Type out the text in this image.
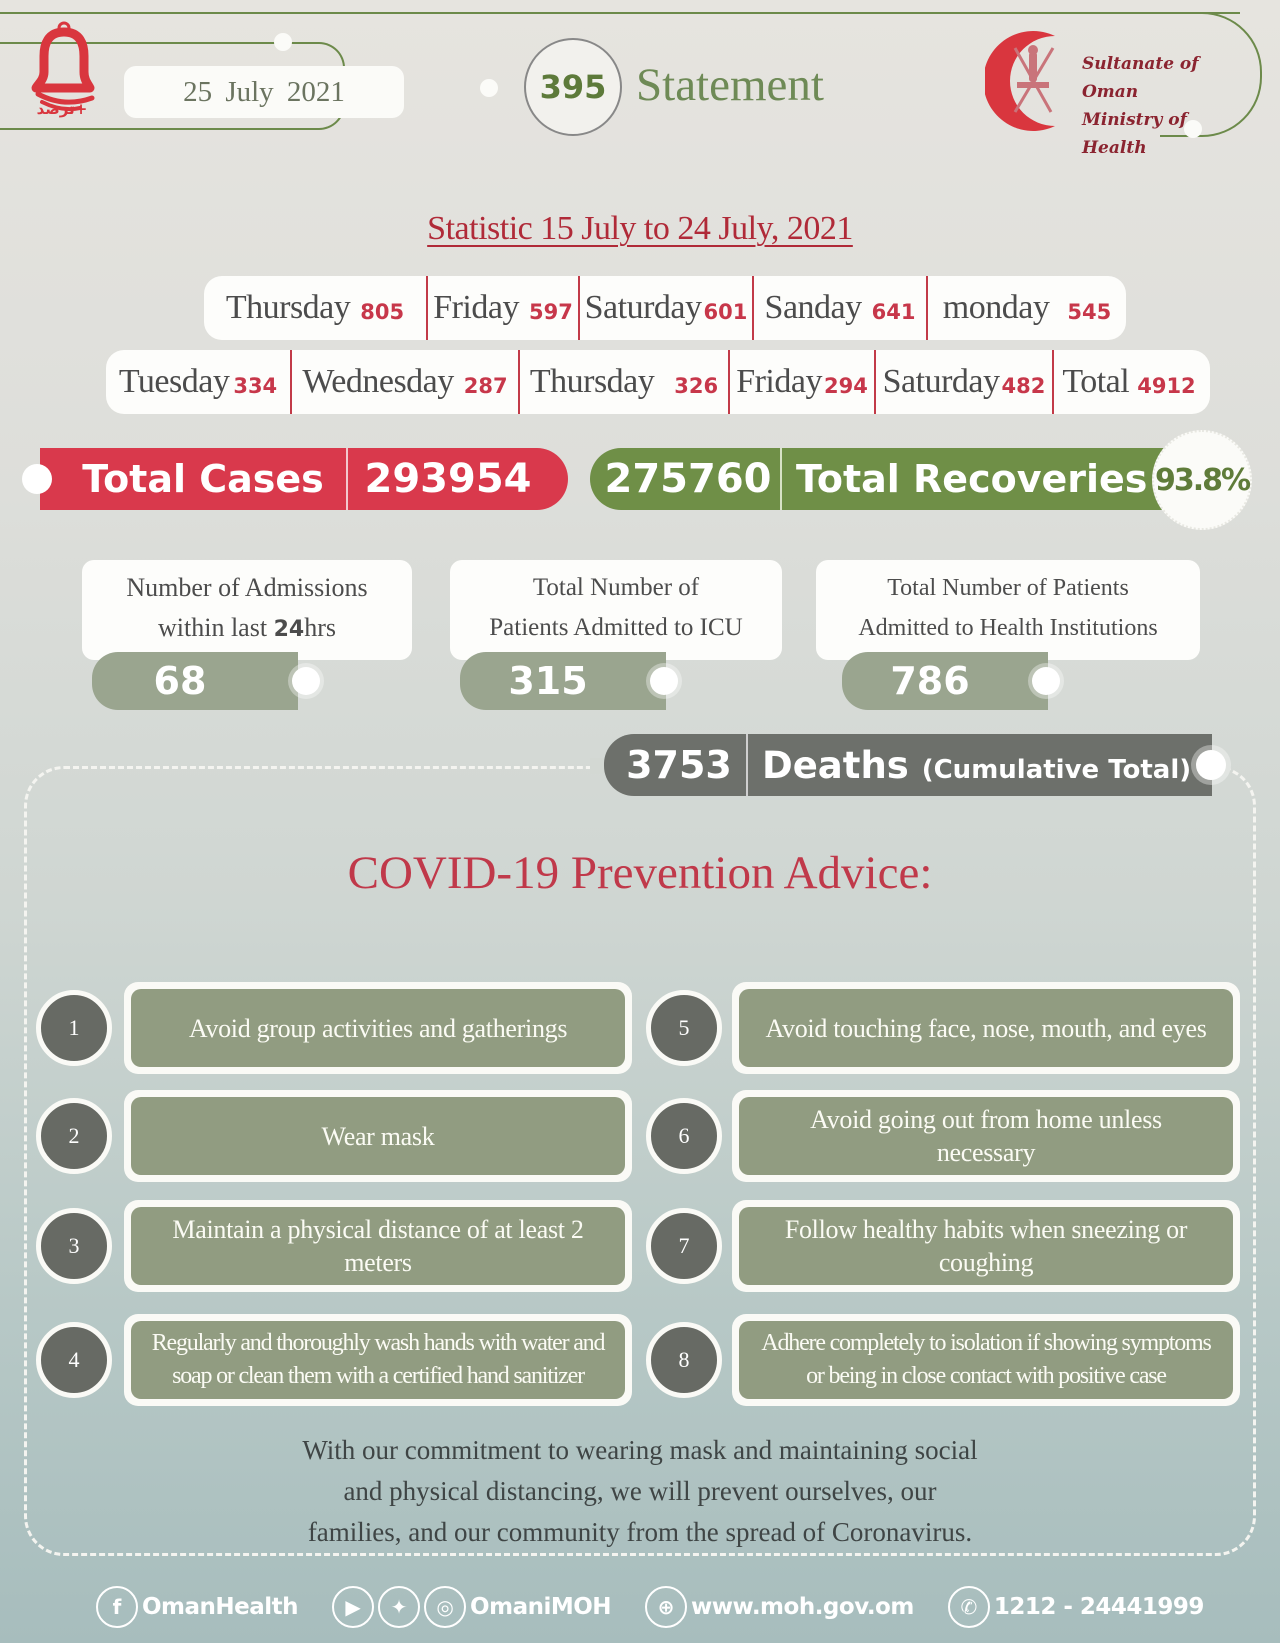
ترصد+
25 July 2021	395 Statement	Sultanate of Oman
Ministry of Health
Statistic 15 July to 24 July, 2021
Thursday 805 Friday 597 Saturday 601 Sanday 641 monday 545
Tuesday 334 Wednesday 287 Thursday 326 Friday 294 Saturday 482 Total 4912
Total Cases	293954	275760 Total Recoveries 93.8%
Number of Admissions
within last 24hrs
68
Total Number of
Patients Admitted to ICU
315
Total Number of Patients
Admitted to Health Institutions
786
3753 Deaths (Cumulative Total)
COVID-19 Prevention Advice:
1	Avoid group activities and gatherings
2	Wear mask
3
Maintain a physical distance of at least 2 meters
4
Regularly and thoroughly wash hands with water and soap or clean them with a certified hand sanitizer
5	Avoid touching face, nose, mouth, and eyes
6
Avoid going out from home unless necessary
7
Follow healthy habits when sneezing or coughing
8
Adhere completely to isolation if showing symptoms or being in close contact with positive case
With our commitment to wearing mask and maintaining social
and physical distancing, we will prevent ourselves, our
families, and our community from the spread of Coronavirus.
f OmanHealth	▶	✦	◎ OmaniMOH	⊕ www.moh.gov.om	✆ 1212 - 24441999
